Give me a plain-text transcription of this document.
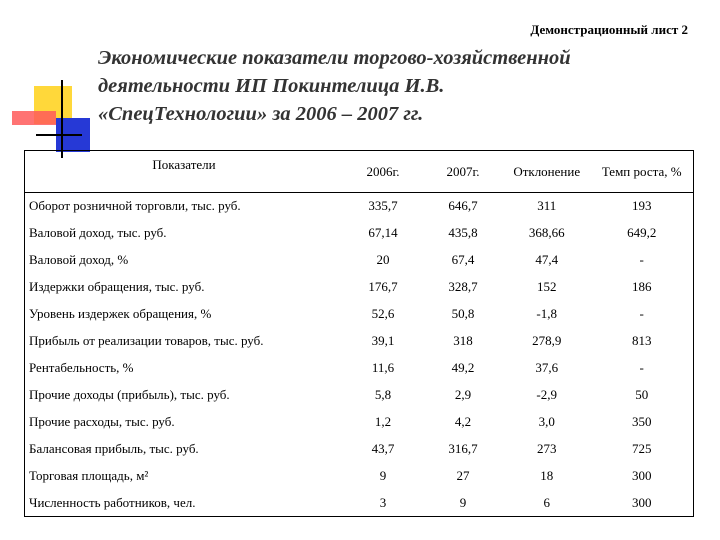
Демонстрационный лист 2
Экономические показатели торгово-хозяйственной
деятельности ИП Покинтелица И.В.
«СпецТехнологии» за 2006 – 2007 гг.
Показатели	2006г.	2007г.	Отклонение	Темп роста, %
Оборот розничной торговли, тыс. руб.	335,7	646,7	311	193
Валовой доход, тыс. руб.	67,14	435,8	368,66	649,2
Валовой доход, %	20	67,4	47,4	-
Издержки обращения, тыс. руб.	176,7	328,7	152	186
Уровень издержек обращения, %	52,6	50,8	-1,8	-
Прибыль от реализации товаров, тыс. руб.	39,1	318	278,9	813
Рентабельность, %	11,6	49,2	37,6	-
Прочие доходы (прибыль), тыс. руб.	5,8	2,9	-2,9	50
Прочие расходы, тыс. руб.	1,2	4,2	3,0	350
Балансовая прибыль, тыс. руб.	43,7	316,7	273	725
Торговая площадь, м²	9	27	18	300
Численность работников, чел.	3	9	6	300
